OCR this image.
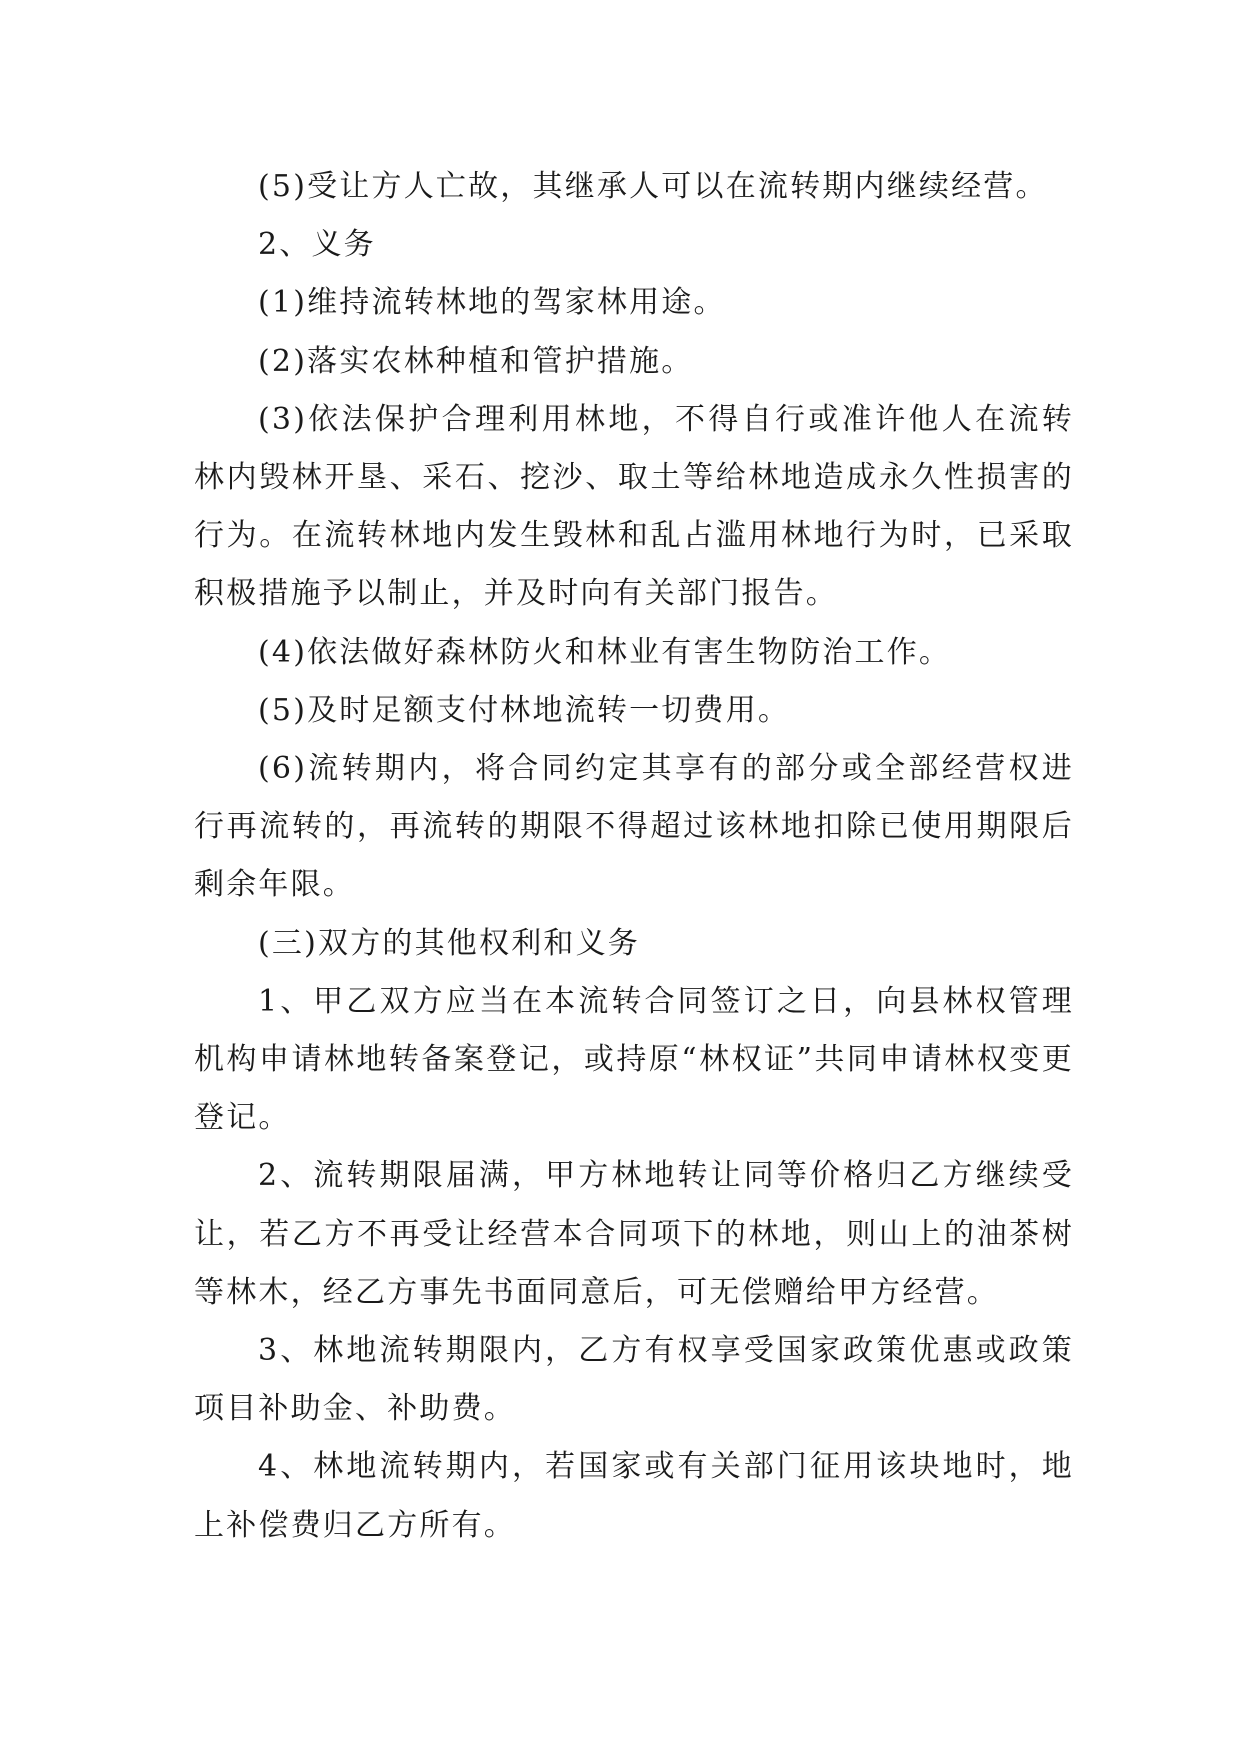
(5)受让方人亡故，其继承人可以在流转期内继续经营。

2、义务

(1)维持流转林地的驾家林用途。

(2)落实农林种植和管护措施。

(3)依法保护合理利用林地，不得自行或准许他人在流转林内毁林开垦、采石、挖沙、取土等给林地造成永久性损害的行为。在流转林地内发生毁林和乱占滥用林地行为时，已采取积极措施予以制止，并及时向有关部门报告。

(4)依法做好森林防火和林业有害生物防治工作。

(5)及时足额支付林地流转一切费用。

(6)流转期内，将合同约定其享有的部分或全部经营权进行再流转的，再流转的期限不得超过该林地扣除已使用期限后剩余年限。

(三)双方的其他权利和义务

1、甲乙双方应当在本流转合同签订之日，向县林权管理机构申请林地转备案登记，或持原“林权证”共同申请林权变更登记。

2、流转期限届满，甲方林地转让同等价格归乙方继续受让，若乙方不再受让经营本合同项下的林地，则山上的油茶树等林木，经乙方事先书面同意后，可无偿赠给甲方经营。

3、林地流转期限内，乙方有权享受国家政策优惠或政策项目补助金、补助费。

4、林地流转期内，若国家或有关部门征用该块地时，地上补偿费归乙方所有。
